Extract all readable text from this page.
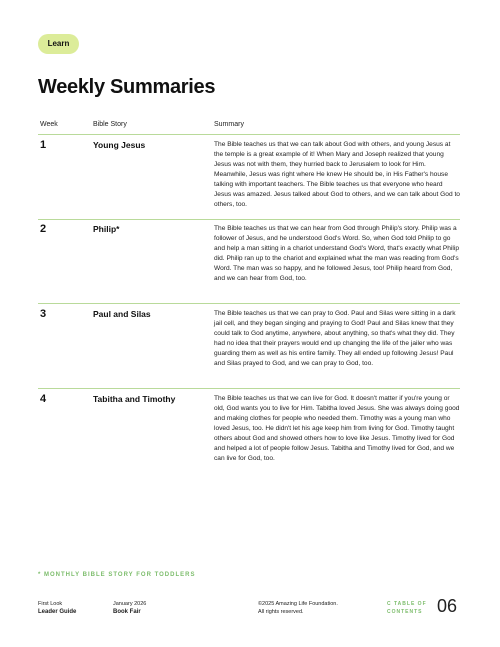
Learn
Weekly Summaries
Week	Bible Story	Summary
1	Young Jesus	The Bible teaches us that we can talk about God with others, and young Jesus at the temple is a great example of it! When Mary and Joseph realized that young Jesus was not with them, they hurried back to Jerusalem to look for Him. Meanwhile, Jesus was right where He knew He should be, in His Father's house talking with important teachers. The Bible teaches us that everyone who heard Jesus was amazed. Jesus talked about God to others, and we can talk about God to others, too.
2	Philip*	The Bible teaches us that we can hear from God through Philip's story. Philip was a follower of Jesus, and he understood God's Word. So, when God told Philip to go and help a man sitting in a chariot understand God's Word, that's exactly what Philip did. Philip ran up to the chariot and explained what the man was reading from God's Word. The man was so happy, and he followed Jesus, too! Philip heard from God, and we can hear from God, too.
3	Paul and Silas	The Bible teaches us that we can pray to God. Paul and Silas were sitting in a dark jail cell, and they began singing and praying to God! Paul and Silas knew that they could talk to God anytime, anywhere, about anything, so that's what they did. They had no idea that their prayers would end up changing the life of the jailer who was guarding them as well as his entire family. They all ended up following Jesus! Paul and Silas prayed to God, and we can pray to God, too.
4	Tabitha and Timothy	The Bible teaches us that we can live for God. It doesn't matter if you're young or old, God wants you to live for Him. Tabitha loved Jesus. She was always doing good and making clothes for people who needed them. Timothy was a young man who loved Jesus, too. He didn't let his age keep him from living for God. Timothy taught others about God and showed others how to love like Jesus. Timothy lived for God and helped a lot of people follow Jesus. Tabitha and Timothy lived for God, and we can live for God, too.
* MONTHLY BIBLE STORY FOR TODDLERS
First Look
Leader Guide
January 2026
Book Fair
©2025 Amazing Life Foundation.
All rights reserved.
C TABLE OF
CONTENTS 06
